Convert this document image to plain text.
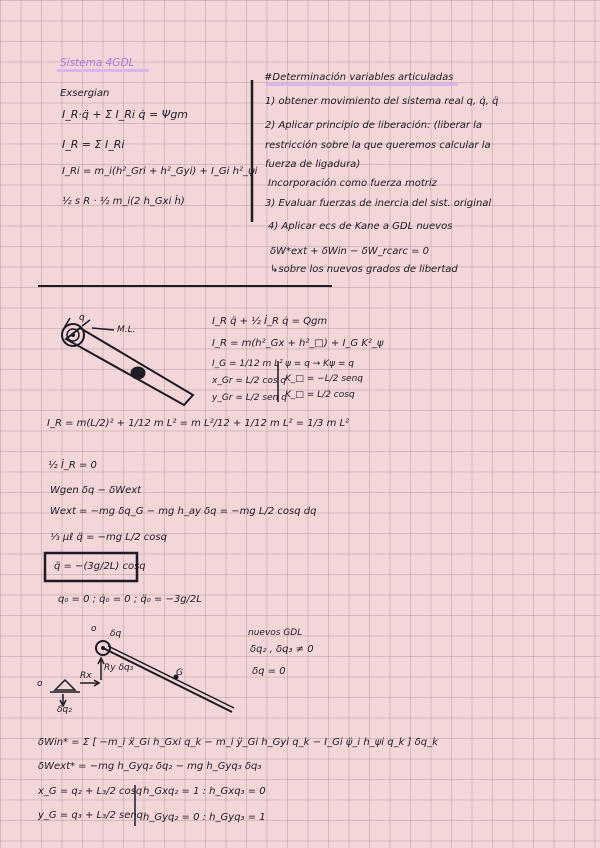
Sistema 4GDL
#Determinación variables articuladas
Exsergian
I_R·q̈ + Σ I_Ri q̇ = Ψgm
I_R = Σ I_Ri
I_Ri = m_i(h²_Gri + h²_Gyi) + I_Gi h²_ψi
½ s R · ½ m_i(2 h_Gxi ḣ)
1) obtener movimiento del sistema real q, q̇, q̈
2) Aplicar principio de liberación: (liberar la
restricción sobre la que queremos calcular la
fuerza de ligadura)
Incorporación como fuerza motriz
3) Evaluar fuerzas de inercia del sist. original
4) Aplicar ecs de Kane a GDL nuevos
δW*ext + δWin − δW_rcarc = 0
↳sobre los nuevos grados de libertad
q
M.L.
I_R q̈ + ½ İ_R q̇ = Qgm
I_R = m(h²_Gx + h²_□) + I_G K²_ψ
I_G = 1/12 m L²
x_Gr = L/2 cos q
y_Gr = L/2 sen q
ψ = q → Kψ = q
K_□ = −L/2 senq
K_□ = L/2 cosq
I_R = m(L/2)² + 1/12 m L² = m L²/12 + 1/12 m L² = 1/3 m L²
½ İ_R = 0
Wgen δq − δWext
Wext = −mg δq_G − mg h_ay δq = −mg L/2 cosq dq
⅓ μℓ q̈ = −mg L/2 cosq
q̈ = −(3g/2L) cosq
q₀ = 0 ; q̇₀ = 0 ; q̈₀ = −3g/2L
o δq
o
Rx
Ry δq₃	G
δq₂
nuevos GDL
δq₂ , δq₃ ≠ 0
δq = 0
δWin* = Σ [ −m_i ẍ_Gi h_Gxi q_k − m_i ÿ_Gi h_Gyi q_k − I_Gi ψ̈_i h_ψi q_k ] δq_k
δWext* = −mg h_Gyq₂ δq₂ − mg h_Gyq₃ δq₃
x_G = q₂ + L₃/2 cosq
y_G = q₃ + L₃/2 senq
h_Gxq₂ = 1 : h_Gxq₃ = 0
h_Gyq₂ = 0 : h_Gyq₃ = 1
